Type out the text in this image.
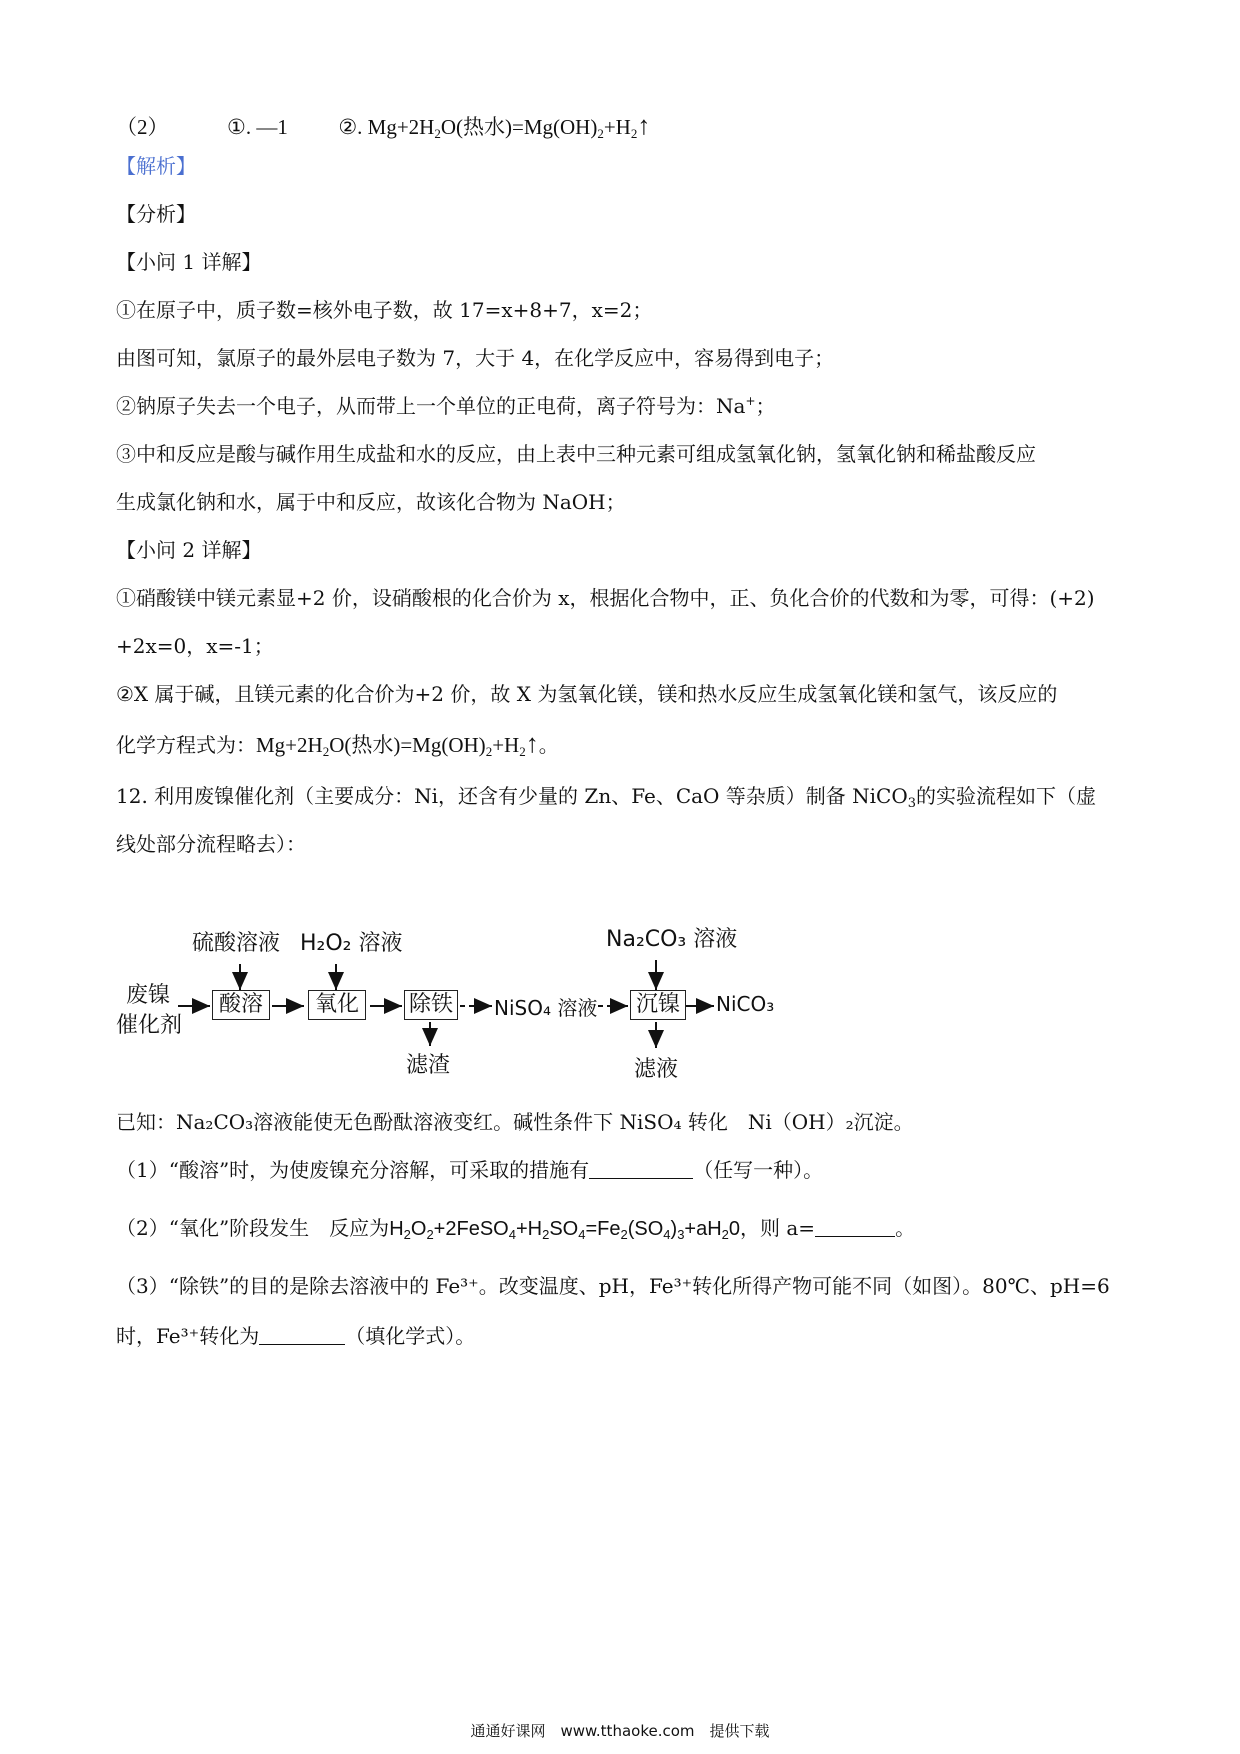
（2）	①. —1 ②. $Mg+2H_2O$(热水)$=Mg(OH)_2+H_2↑$
【解析】
【分析】
【小问 1 详解】
①在原子中，质子数=核外电子数，故 17=x+8+7，x=2；
由图可知，氯原子的最外层电子数为 7，大于 4，在化学反应中，容易得到电子；
②钠原子失去一个电子，从而带上一个单位的正电荷，离子符号为：Na+；
③中和反应是酸与碱作用生成盐和水的反应，由上表中三种元素可组成氢氧化钠，氢氧化钠和稀盐酸反应
生成氯化钠和水，属于中和反应，故该化合物为 NaOH；
【小问 2 详解】
①硝酸镁中镁元素显+2 价，设硝酸根的化合价为 x，根据化合物中，正、负化合价的代数和为零，可得：(+2)
+2x=0，x=-1；
②X 属于碱，且镁元素的化合价为+2 价，故 X 为氢氧化镁，镁和热水反应生成氢氧化镁和氢气，该反应的
化学方程式为：$Mg+2H_2O$(热水)$=Mg(OH)_2+H_2↑$。
12. 利用废镍催化剂（主要成分：Ni，还含有少量的 Zn、Fe、CaO 等杂质）制备 NiCO$_3$的实验流程如下（虚
线处部分流程略去）：
硫酸溶液 H₂O₂ 溶液	Na₂CO₃ 溶液
废镍
催化剂
酸溶	氧化	除铁 NiSO₄ 溶液 沉镍	NiCO₃
滤渣	滤液
已知：Na₂CO₃溶液能使无色酚酞溶液变红。碱性条件下 NiSO₄ 转化　Ni（OH）₂沉淀。
（1）“酸溶”时，为使废镍充分溶解，可采取的措施有	（任写一种）。
（2）“氧化”阶段发生　反应为$H_2O_2+2FeSO_4+H_2SO_4=Fe_2(SO_4)_3+aH_20$，则 a=	。
（3）“除铁”的目的是除去溶液中的 Fe³⁺。改变温度、pH，Fe³⁺转化所得产物可能不同（如图）。80℃、pH=6
时，Fe³⁺转化为	（填化学式）。
通通好课网　www.tthaoke.com　提供下载
